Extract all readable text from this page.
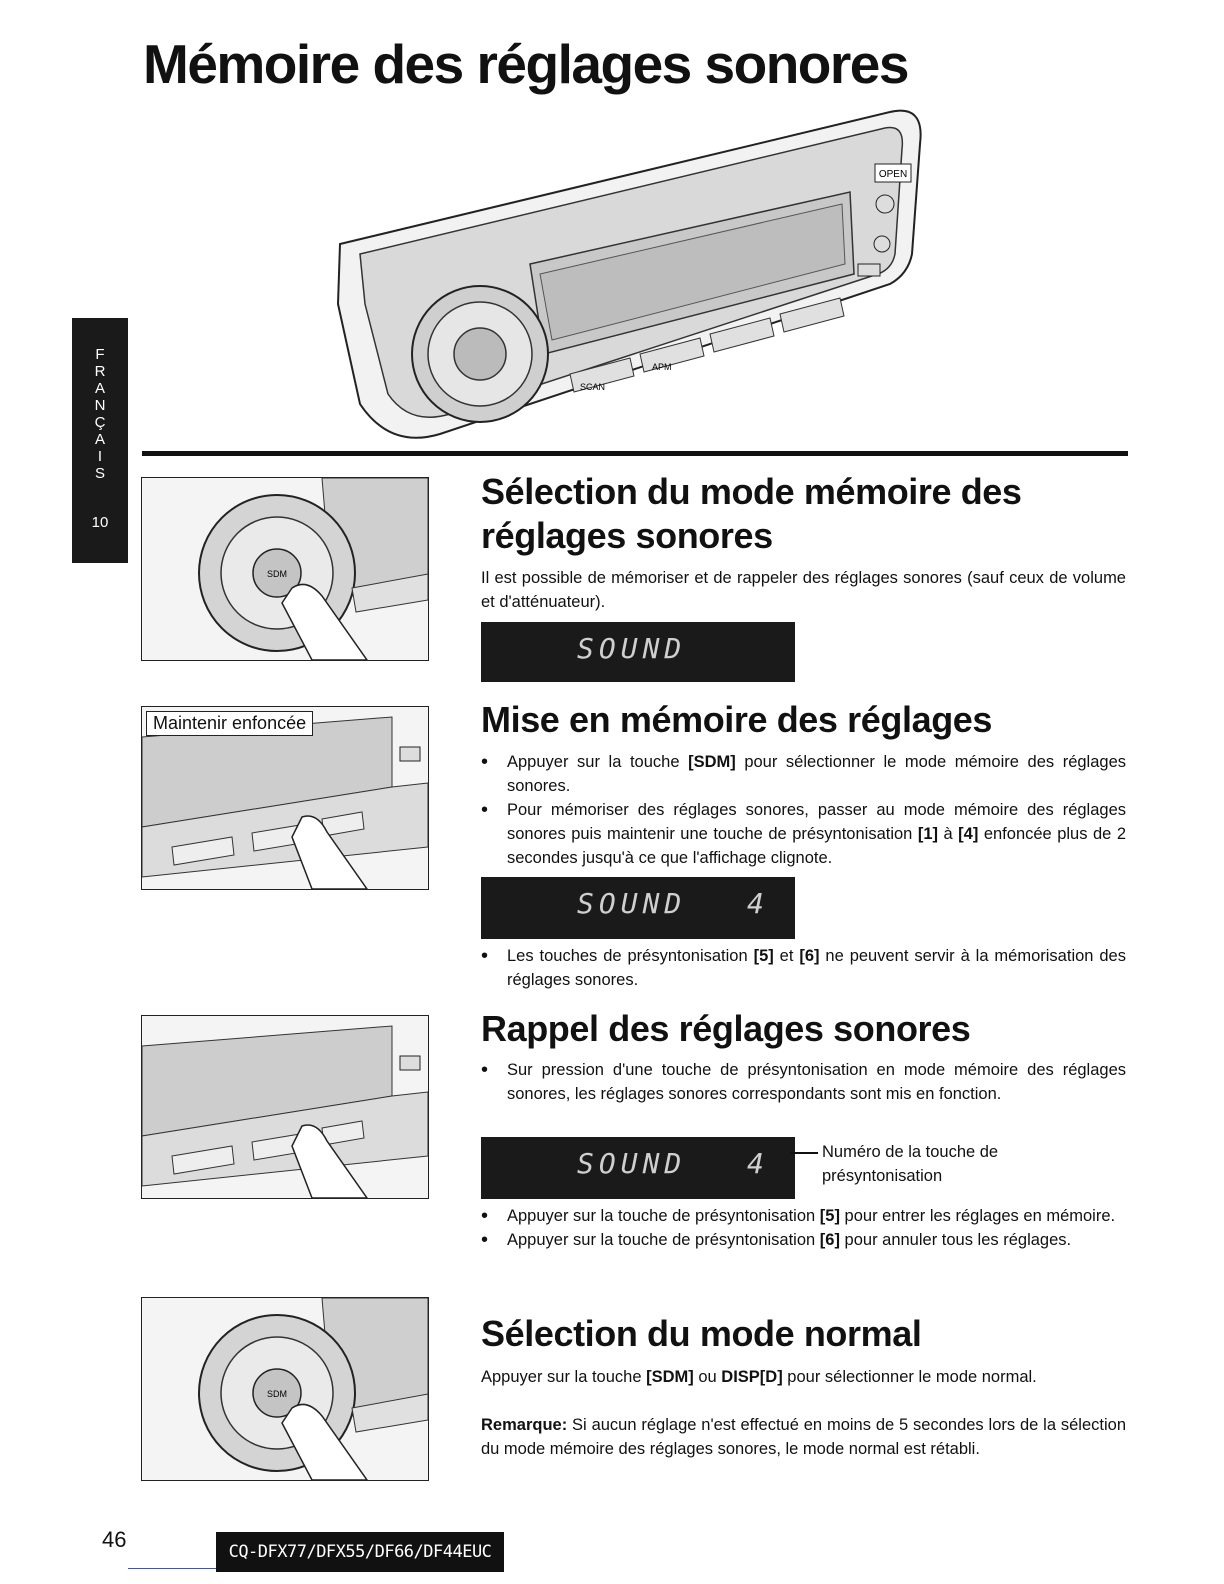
Mémoire des réglages sonores
OPEN
SCAN
APM
F
R
A
N
Ç
A
I
S
10
SDM
Maintenir enfoncée
SDM
Sélection du mode mémoire des réglages sonores

Il est possible de mémoriser et de rappeler des réglages sonores (sauf ceux de volume et d'atténuateur).

SOUND
Mise en mémoire des réglages
• Appuyer sur la touche [SDM] pour sélectionner le mode mémoire des réglages sonores.
• Pour mémoriser des réglages sonores, passer au mode mémoire des réglages sonores puis maintenir une touche de présyntonisation [1] à [4] enfoncée plus de 2 secondes jusqu'à ce que l'affichage clignote.
SOUND 4
• Les touches de présyntonisation [5] et [6] ne peuvent servir à la mémorisation des réglages sonores.
Rappel des réglages sonores
• Sur pression d'une touche de présyntonisation en mode mémoire des réglages sonores, les réglages sonores correspondants sont mis en fonction.
SOUND 4	Numéro de la touche de présyntonisation
• Appuyer sur la touche de présyntonisation [5] pour entrer les réglages en mémoire.
• Appuyer sur la touche de présyntonisation [6] pour annuler tous les réglages.
Sélection du mode normal

Appuyer sur la touche [SDM] ou DISP[D] pour sélectionner le mode normal.

Remarque: Si aucun réglage n'est effectué en moins de 5 secondes lors de la sélection du mode mémoire des réglages sonores, le mode normal est rétabli.

46	CQ-DFX77/DFX55/DF66/DF44EUC
